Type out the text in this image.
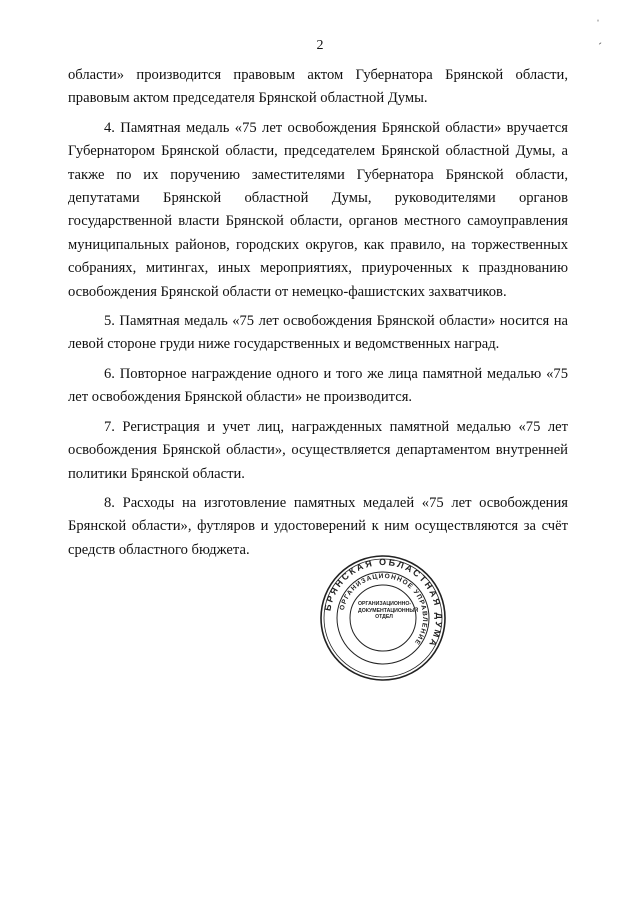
ˌ
ˊ
2

области» производится правовым актом Губернатора Брянской области, правовым актом председателя Брянской областной Думы.

4. Памятная медаль «75 лет освобождения Брянской области» вручается Губернатором Брянской области, председателем Брянской областной Думы, а также по их поручению заместителями Губернатора Брянской области, депутатами Брянской областной Думы, руководителями органов государственной власти Брянской области, органов местного самоуправления муниципальных районов, городских округов, как правило, на торжественных собраниях, митингах, иных мероприятиях, приуроченных к празднованию освобождения Брянской области от немецко-фашистских захватчиков.

5. Памятная медаль «75 лет освобождения Брянской области» носится на левой стороне груди ниже государственных и ведомственных наград.

6. Повторное награждение одного и того же лица памятной медалью «75 лет освобождения Брянской области» не производится.

7. Регистрация и учет лиц, награжденных памятной медалью «75 лет освобождения Брянской области», осуществляется департаментом внутренней политики Брянской области.

8. Расходы на изготовление памятных медалей «75 лет освобождения Брянской области», футляров и удостоверений к ним осуществляются за счёт средств областного бюджета.

БРЯНСКАЯ ОБЛАСТНАЯ ДУМА
ОРГАНИЗАЦИОННОЕ УПРАВЛЕНИЕ
ОРГАНИЗАЦИОННО-ДОКУМЕНТАЦИОННЫЙ ОТДЕЛ
